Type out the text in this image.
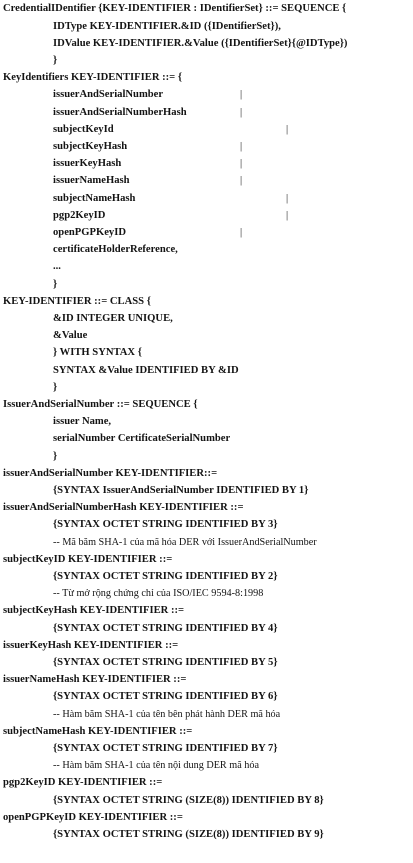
CredentialIDentifier {KEY-IDENTIFIER : IDentifierSet} ::= SEQUENCE {
IDType KEY-IDENTIFIER.&ID ({IDentifierSet}),
IDValue KEY-IDENTIFIER.&Value ({IDentifierSet}{@IDType})
}
KeyIdentifiers KEY-IDENTIFIER ::= {
issuerAndSerialNumber	|
issuerAndSerialNumberHash	|
subjectKeyId	|
subjectKeyHash	|
issuerKeyHash	|
issuerNameHash	|
subjectNameHash	|
pgp2KeyID	|
openPGPKeyID	|
certificateHolderReference,
...
}
KEY-IDENTIFIER ::= CLASS {
&ID INTEGER UNIQUE,
&Value
} WITH SYNTAX {
SYNTAX &Value IDENTIFIED BY &ID
}
IssuerAndSerialNumber ::= SEQUENCE {
issuer Name,
serialNumber CertificateSerialNumber
}
issuerAndSerialNumber KEY-IDENTIFIER::=
{SYNTAX IssuerAndSerialNumber IDENTIFIED BY 1}
issuerAndSerialNumberHash KEY-IDENTIFIER ::=
{SYNTAX OCTET STRING IDENTIFIED BY 3}
-- Mã băm SHA-1 của mã hóa DER với IssuerAndSerialNumber
subjectKeyID KEY-IDENTIFIER ::=
{SYNTAX OCTET STRING IDENTIFIED BY 2}
-- Từ mở rộng chứng chỉ của ISO/IEC 9594-8:1998
subjectKeyHash KEY-IDENTIFIER ::=
{SYNTAX OCTET STRING IDENTIFIED BY 4}
issuerKeyHash KEY-IDENTIFIER ::=
{SYNTAX OCTET STRING IDENTIFIED BY 5}
issuerNameHash KEY-IDENTIFIER ::=
{SYNTAX OCTET STRING IDENTIFIED BY 6}
-- Hàm băm SHA-1 của tên bên phát hành DER mã hóa
subjectNameHash KEY-IDENTIFIER ::=
{SYNTAX OCTET STRING IDENTIFIED BY 7}
-- Hàm băm SHA-1 của tên nội dung DER mã hóa
pgp2KeyID KEY-IDENTIFIER ::=
{SYNTAX OCTET STRING (SIZE(8)) IDENTIFIED BY 8}
openPGPKeyID KEY-IDENTIFIER ::=
{SYNTAX OCTET STRING (SIZE(8)) IDENTIFIED BY 9}
